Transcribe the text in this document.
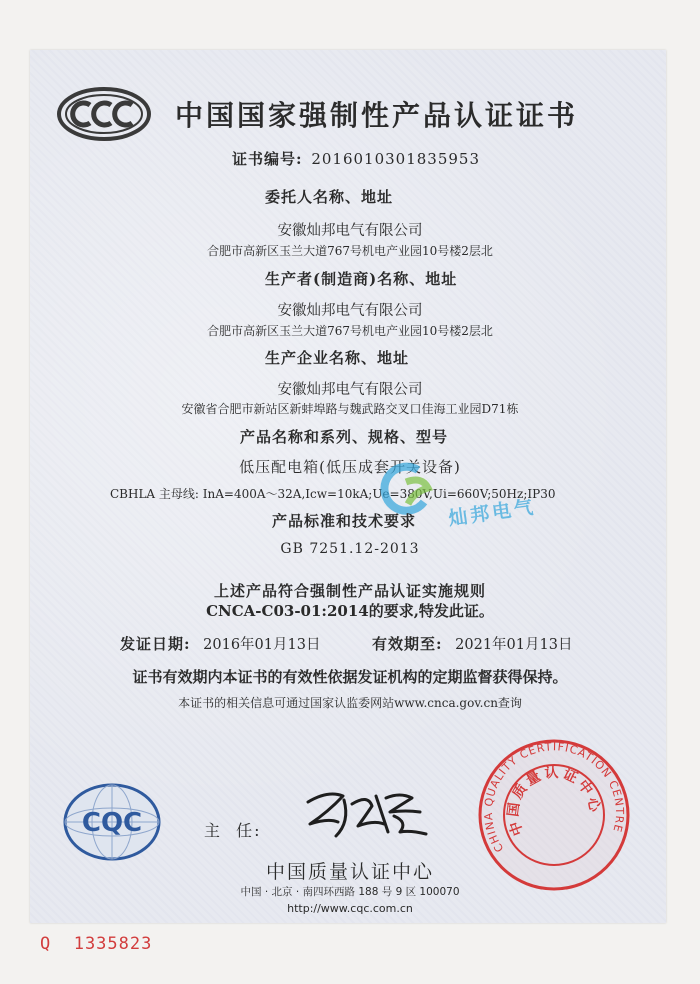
中国国家强制性产品认证证书
证书编号: 2016010301835953
委托人名称、地址
安徽灿邦电气有限公司
合肥市高新区玉兰大道767号机电产业园10号楼2层北
生产者(制造商)名称、地址
安徽灿邦电气有限公司
合肥市高新区玉兰大道767号机电产业园10号楼2层北
生产企业名称、地址
安徽灿邦电气有限公司
安徽省合肥市新站区新蚌埠路与魏武路交叉口佳海工业园D71栋
产品名称和系列、规格、型号
低压配电箱(低压成套开关设备)
CBHLA 主母线: InA=400A～32A,Icw=10kA;Ue=380V,Ui=660V;50Hz;IP30
灿邦电气
产品标准和技术要求
GB 7251.12-2013
上述产品符合强制性产品认证实施规则
CNCA-C03-01:2014的要求,特发此证。
发证日期: 2016年01月13日	有效期至: 2021年01月13日
证书有效期内本证书的有效性依据发证机构的定期监督获得保持。
本证书的相关信息可通过国家认监委网站www.cnca.gov.cn查询
CHINA QUALITY CERTIFICATION CENTRE
中国质量认证中心
CQC	主  任:
中国质量认证中心
中国 · 北京 · 南四环西路 188 号 9 区 100070
http://www.cqc.com.cn
Q  1335823
